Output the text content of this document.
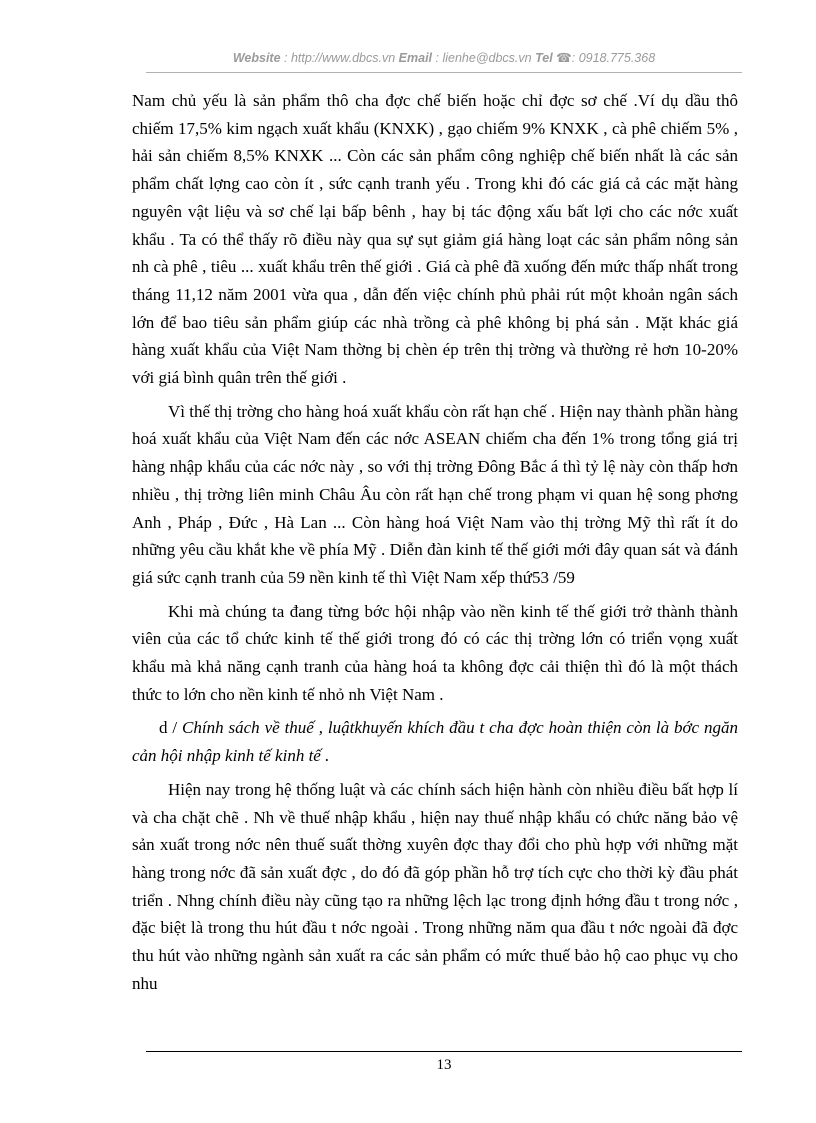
Website : http://www.dbcs.vn Email : lienhe@dbcs.vn Tel ☎: 0918.775.368

Nam chủ yếu là sản phẩm thô cha đợc chế biến hoặc chỉ đợc sơ chế .Ví dụ dầu thô chiếm 17,5% kim ngạch xuất khẩu (KNXK) , gạo chiếm 9% KNXK , cà phê chiếm 5% , hải sản chiếm 8,5% KNXK ... Còn các sản phẩm công nghiệp chế biến nhất là các sản phẩm chất lợng cao còn ít , sức cạnh tranh yếu . Trong khi đó các giá cả các mặt hàng nguyên vật liệu và sơ chế lại bấp bênh , hay bị tác động xấu bất lợi cho các nớc xuất khẩu . Ta có thể thấy rõ điều này qua sự sụt giảm giá hàng loạt các sản phẩm nông sản nh cà phê , tiêu ... xuất khẩu trên thế giới . Giá cà phê đã xuống đến mức thấp nhất trong tháng 11,12 năm 2001 vừa qua , dẫn đến việc chính phủ phải rút một khoản ngân sách lớn để bao tiêu sản phẩm giúp các nhà trồng cà phê không bị phá sản . Mặt khác giá hàng xuất khẩu của Việt Nam thờng bị chèn ép trên thị trờng và thường rẻ hơn 10-20% với giá bình quân trên thế giới .

Vì thế thị trờng cho hàng hoá xuất khẩu còn rất hạn chế . Hiện nay thành phần hàng hoá xuất khẩu của Việt Nam đến các nớc ASEAN chiếm cha đến 1% trong tổng giá trị hàng nhập khẩu của các nớc này , so với thị trờng Đông Bắc á thì tỷ lệ này còn thấp hơn nhiều , thị trờng liên minh Châu Âu còn rất hạn chế trong phạm vi quan hệ song phơng Anh , Pháp , Đức , Hà Lan ... Còn hàng hoá Việt Nam vào thị trờng Mỹ thì rất ít do những yêu cầu khắt khe về phía Mỹ . Diễn đàn kinh tế thế giới mới đây quan sát và đánh giá sức cạnh tranh của 59 nền kinh tế thì Việt Nam xếp thứ53 /59

Khi mà chúng ta đang từng bớc hội nhập vào nền kinh tế thế giới trở thành thành viên của các tổ chức kinh tế thế giới trong đó có các thị trờng lớn có triển vọng xuất khẩu mà khả năng cạnh tranh của hàng hoá ta không đợc cải thiện thì đó là một thách thức to lớn cho nền kinh tế nhỏ nh Việt Nam .

d / Chính sách về thuế , luậtkhuyến khích đầu t cha đợc hoàn thiện còn là bớc ngăn cản hội nhập kinh tế kinh tế .

Hiện nay trong hệ thống luật và các chính sách hiện hành còn nhiều điều bất hợp lí và cha chặt chẽ . Nh về thuế nhập khẩu , hiện nay thuế nhập khẩu có chức năng bảo vệ sản xuất trong nớc nên thuế suất thờng xuyên đợc thay đổi cho phù hợp với những mặt hàng trong nớc đã sản xuất đợc , do đó đã góp phần hỗ trợ tích cực cho thời kỳ đầu phát triển . Nhng chính điều này cũng tạo ra những lệch lạc trong định hớng đầu t trong nớc , đặc biệt là trong thu hút đầu t nớc ngoài . Trong những năm qua đầu t nớc ngoài đã đợc thu hút vào những ngành sản xuất ra các sản phẩm có mức thuế bảo hộ cao phục vụ cho nhu

13
